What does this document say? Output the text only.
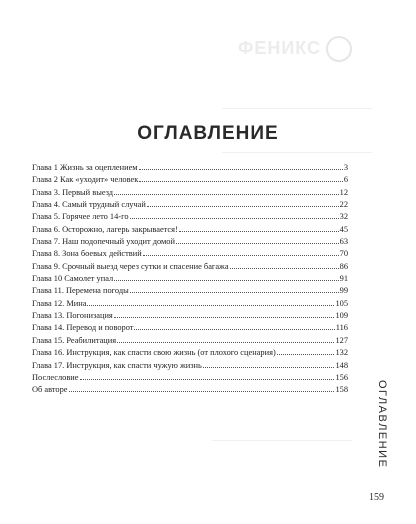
ФЕНИКС
ОГЛАВЛЕНИЕ
Глава 1 Жизнь за оцеплением	3
Глава 2 Как «уходит» человек	6
Глава 3. Первый выезд	12
Глава 4. Самый трудный случай	22
Глава 5. Горячее лето 14-го	32
Глава 6. Осторожно, лагерь закрывается!	45
Глава 7. Наш подопечный уходит домой	63
Глава 8. Зона боевых действий	70
Глава 9. Срочный выезд через сутки и спасение багажа	86
Глава 10 Самолет упал	91
Глава 11. Перемена погоды	99
Глава 12. Мина	105
Глава 13. Погонизация	109
Глава 14. Перевод и поворот	116
Глава 15. Реабилитация	127
Глава 16. Инструкция, как спасти свою жизнь (от плохого сценария)	132
Глава 17. Инструкция, как спасти чужую жизнь	148
Послесловие	156
Об авторе	158	ОГЛАВЛЕНИЕ
159
